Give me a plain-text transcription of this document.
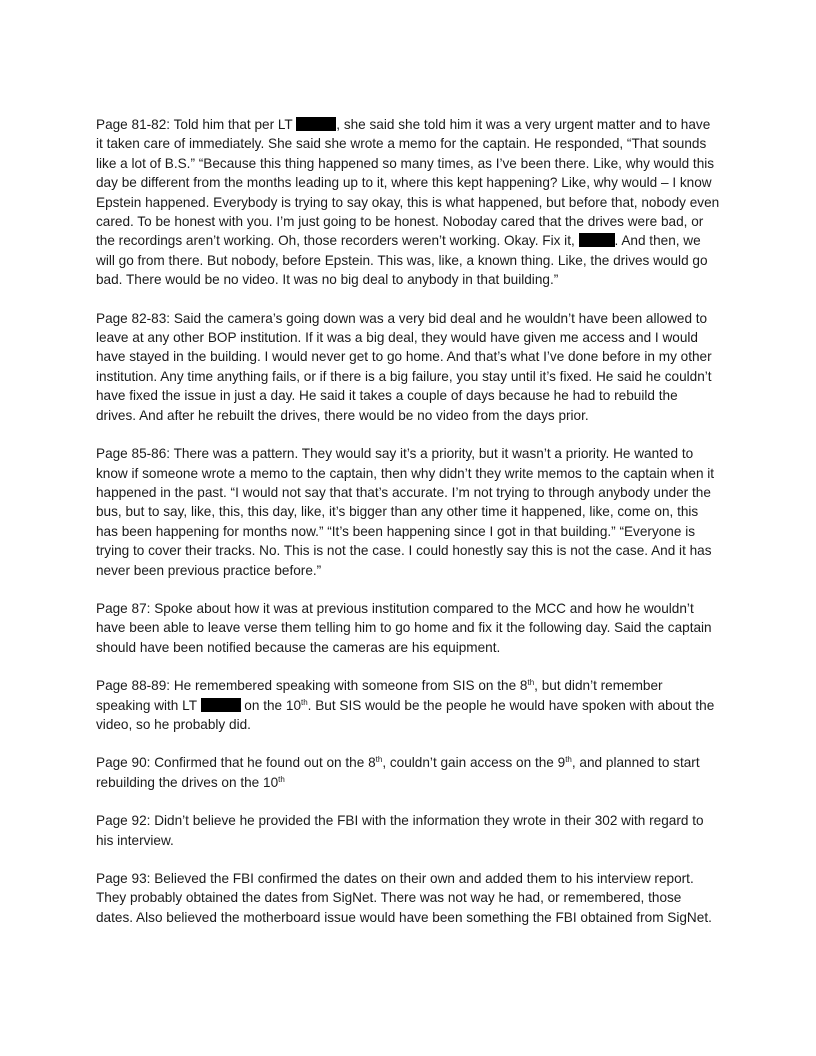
Page 81-82: Told him that per LT	, she said she told him it was a very urgent matter and to have it taken care of immediately. She said she wrote a memo for the captain. He responded, “That sounds like a lot of B.S.” “Because this thing happened so many times, as I’ve been there. Like, why would this day be different from the months leading up to it, where this kept happening? Like, why would – I know Epstein happened. Everybody is trying to say okay, this is what happened, but before that, nobody even cared. To be honest with you. I’m just going to be honest. Noboday cared that the drives were bad, or the recordings aren’t working. Oh, those recorders weren’t working. Okay. Fix it,	. And then, we will go from there. But nobody, before Epstein. This was, like, a known thing. Like, the drives would go bad. There would be no video. It was no big deal to anybody in that building.”

Page 82-83: Said the camera’s going down was a very bid deal and he wouldn’t have been allowed to leave at any other BOP institution. If it was a big deal, they would have given me access and I would have stayed in the building. I would never get to go home. And that’s what I’ve done before in my other institution. Any time anything fails, or if there is a big failure, you stay until it’s fixed. He said he couldn’t have fixed the issue in just a day. He said it takes a couple of days because he had to rebuild the drives. And after he rebuilt the drives, there would be no video from the days prior.

Page 85-86: There was a pattern. They would say it’s a priority, but it wasn’t a priority. He wanted to know if someone wrote a memo to the captain, then why didn’t they write memos to the captain when it happened in the past. “I would not say that that’s accurate. I’m not trying to through anybody under the bus, but to say, like, this, this day, like, it’s bigger than any other time it happened, like, come on, this has been happening for months now.” “It’s been happening since I got in that building.” “Everyone is trying to cover their tracks. No. This is not the case. I could honestly say this is not the case. And it has never been previous practice before.”

Page 87: Spoke about how it was at previous institution compared to the MCC and how he wouldn’t have been able to leave verse them telling him to go home and fix it the following day. Said the captain should have been notified because the cameras are his equipment.

Page 88-89: He remembered speaking with someone from SIS on the 8th, but didn’t remember speaking with LT	on the 10th. But SIS would be the people he would have spoken with about the video, so he probably did.

Page 90: Confirmed that he found out on the 8th, couldn’t gain access on the 9th, and planned to start rebuilding the drives on the 10th

Page 92: Didn’t believe he provided the FBI with the information they wrote in their 302 with regard to his interview.

Page 93: Believed the FBI confirmed the dates on their own and added them to his interview report. They probably obtained the dates from SigNet. There was not way he had, or remembered, those dates. Also believed the motherboard issue would have been something the FBI obtained from SigNet.
